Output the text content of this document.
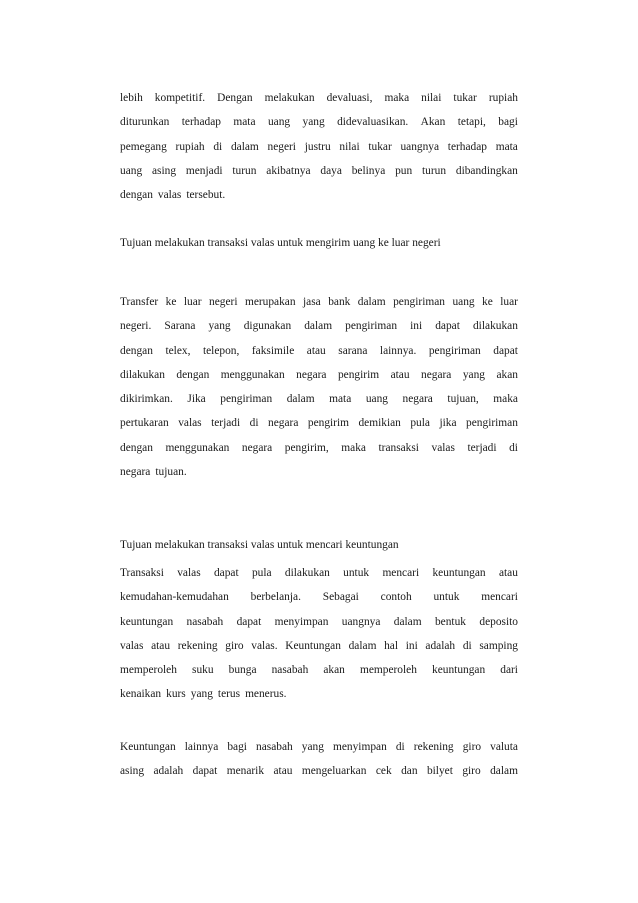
lebih kompetitif. Dengan melakukan devaluasi, maka nilai tukar rupiah
diturunkan terhadap mata uang yang didevaluasikan. Akan tetapi, bagi
pemegang rupiah di dalam negeri justru nilai tukar uangnya terhadap mata
uang asing menjadi turun akibatnya daya belinya pun turun dibandingkan
dengan valas tersebut.
Tujuan melakukan transaksi valas untuk mengirim uang ke luar negeri
Transfer ke luar negeri merupakan jasa bank dalam pengiriman uang ke luar
negeri. Sarana yang digunakan dalam pengiriman ini dapat dilakukan
dengan telex, telepon, faksimile atau sarana lainnya. pengiriman dapat
dilakukan dengan menggunakan negara pengirim atau negara yang akan
dikirimkan. Jika pengiriman dalam mata uang negara tujuan, maka
pertukaran valas terjadi di negara pengirim demikian pula jika pengiriman
dengan menggunakan negara pengirim, maka transaksi valas terjadi di
negara tujuan.
Tujuan melakukan transaksi valas untuk mencari keuntungan
Transaksi valas dapat pula dilakukan untuk mencari keuntungan atau
kemudahan-kemudahan berbelanja. Sebagai contoh untuk mencari
keuntungan nasabah dapat menyimpan uangnya dalam bentuk deposito
valas atau rekening giro valas. Keuntungan dalam hal ini adalah di samping
memperoleh suku bunga nasabah akan memperoleh keuntungan dari
kenaikan kurs yang terus menerus.
Keuntungan lainnya bagi nasabah yang menyimpan di rekening giro valuta
asing adalah dapat menarik atau mengeluarkan cek dan bilyet giro dalam
